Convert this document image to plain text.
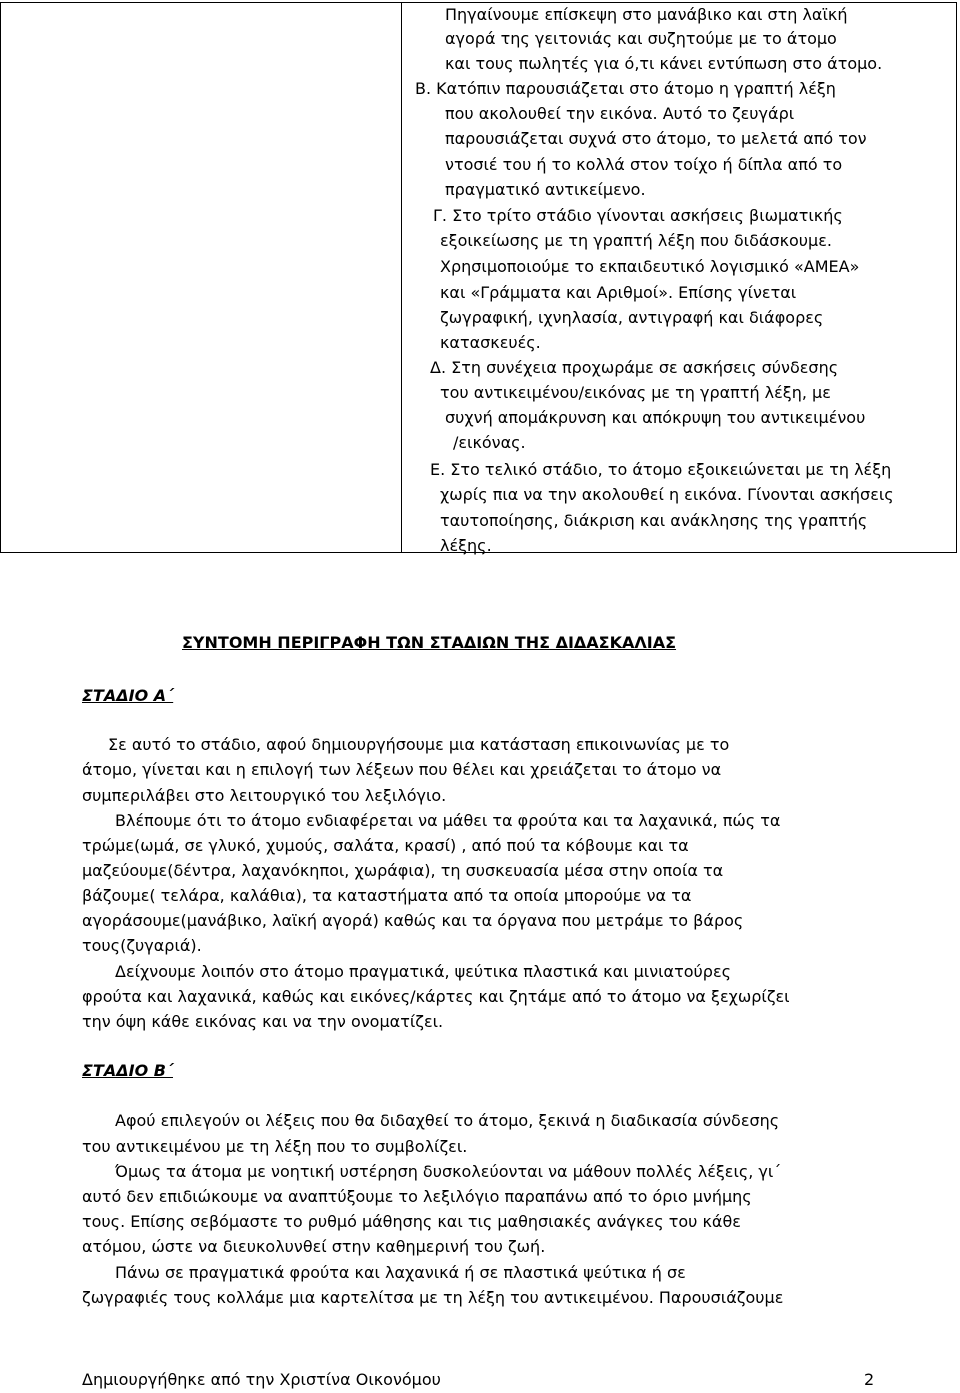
Πηγαίνουμε επίσκεψη στο μανάβικο και στη λαϊκή
αγορά της γειτονιάς και συζητούμε με το άτομο
και τους πωλητές για ό,τι κάνει εντύπωση στο άτομο.
Β. Κατόπιν παρουσιάζεται στο άτομο η γραπτή λέξη
που ακολουθεί την εικόνα. Αυτό το ζευγάρι
παρουσιάζεται συχνά στο άτομο, το μελετά από τον
ντοσιέ του ή το κολλά στον τοίχο ή δίπλα από το
πραγματικό αντικείμενο.
Γ. Στο τρίτο στάδιο γίνονται ασκήσεις βιωματικής
εξοικείωσης με τη γραπτή λέξη που διδάσκουμε.
Χρησιμοποιούμε το εκπαιδευτικό λογισμικό «ΑΜΕΑ»
και «Γράμματα και Αριθμοί». Επίσης γίνεται
ζωγραφική, ιχνηλασία, αντιγραφή και διάφορες
κατασκευές.
Δ. Στη συνέχεια προχωράμε σε ασκήσεις σύνδεσης
του αντικειμένου/εικόνας με τη γραπτή λέξη, με
συχνή απομάκρυνση και απόκρυψη του αντικειμένου
/εικόνας.
Ε. Στο τελικό στάδιο, το άτομο εξοικειώνεται με τη λέξη
χωρίς πια να την ακολουθεί η εικόνα. Γίνονται ασκήσεις
ταυτοποίησης, διάκριση και ανάκλησης της γραπτής
λέξης.
ΣΥΝΤΟΜΗ ΠΕΡΙΓΡΑΦΗ ΤΩΝ ΣΤΑΔΙΩΝ ΤΗΣ ΔΙΔΑΣΚΑΛΙΑΣ
ΣΤΑΔΙΟ Α΄
Σε αυτό το στάδιο, αφού δημιουργήσουμε μια κατάσταση επικοινωνίας με το
άτομο, γίνεται και η επιλογή των λέξεων που θέλει και χρειάζεται το άτομο να
συμπεριλάβει στο λειτουργικό του λεξιλόγιο.
Βλέπουμε ότι το άτομο ενδιαφέρεται να μάθει τα φρούτα και τα λαχανικά, πώς τα
τρώμε(ωμά, σε γλυκό, χυμούς, σαλάτα, κρασί) , από πού τα κόβουμε και τα
μαζεύουμε(δέντρα, λαχανόκηποι, χωράφια), τη συσκευασία μέσα στην οποία τα
βάζουμε( τελάρα, καλάθια), τα καταστήματα από τα οποία μπορούμε να τα
αγοράσουμε(μανάβικο, λαϊκή αγορά) καθώς και τα όργανα που μετράμε το βάρος
τους(ζυγαριά).
Δείχνουμε λοιπόν στο άτομο πραγματικά, ψεύτικα πλαστικά και μινιατούρες
φρούτα και λαχανικά, καθώς και εικόνες/κάρτες και ζητάμε από το άτομο να ξεχωρίζει
την όψη κάθε εικόνας και να την ονοματίζει.
ΣΤΑΔΙΟ Β΄
Αφού επιλεγούν οι λέξεις που θα διδαχθεί το άτομο, ξεκινά η διαδικασία σύνδεσης
του αντικειμένου με τη λέξη που το συμβολίζει.
Όμως τα άτομα με νοητική υστέρηση δυσκολεύονται να μάθουν πολλές λέξεις, γι΄
αυτό δεν επιδιώκουμε να αναπτύξουμε το λεξιλόγιο παραπάνω από το όριο μνήμης
τους. Επίσης σεβόμαστε το ρυθμό μάθησης και τις μαθησιακές ανάγκες του κάθε
ατόμου, ώστε να διευκολυνθεί στην καθημερινή του ζωή.
Πάνω σε πραγματικά φρούτα και λαχανικά ή σε πλαστικά ψεύτικα ή σε
ζωγραφιές τους κολλάμε μια καρτελίτσα με τη λέξη του αντικειμένου. Παρουσιάζουμε
Δημιουργήθηκε από την Χριστίνα Οικονόμου	2
